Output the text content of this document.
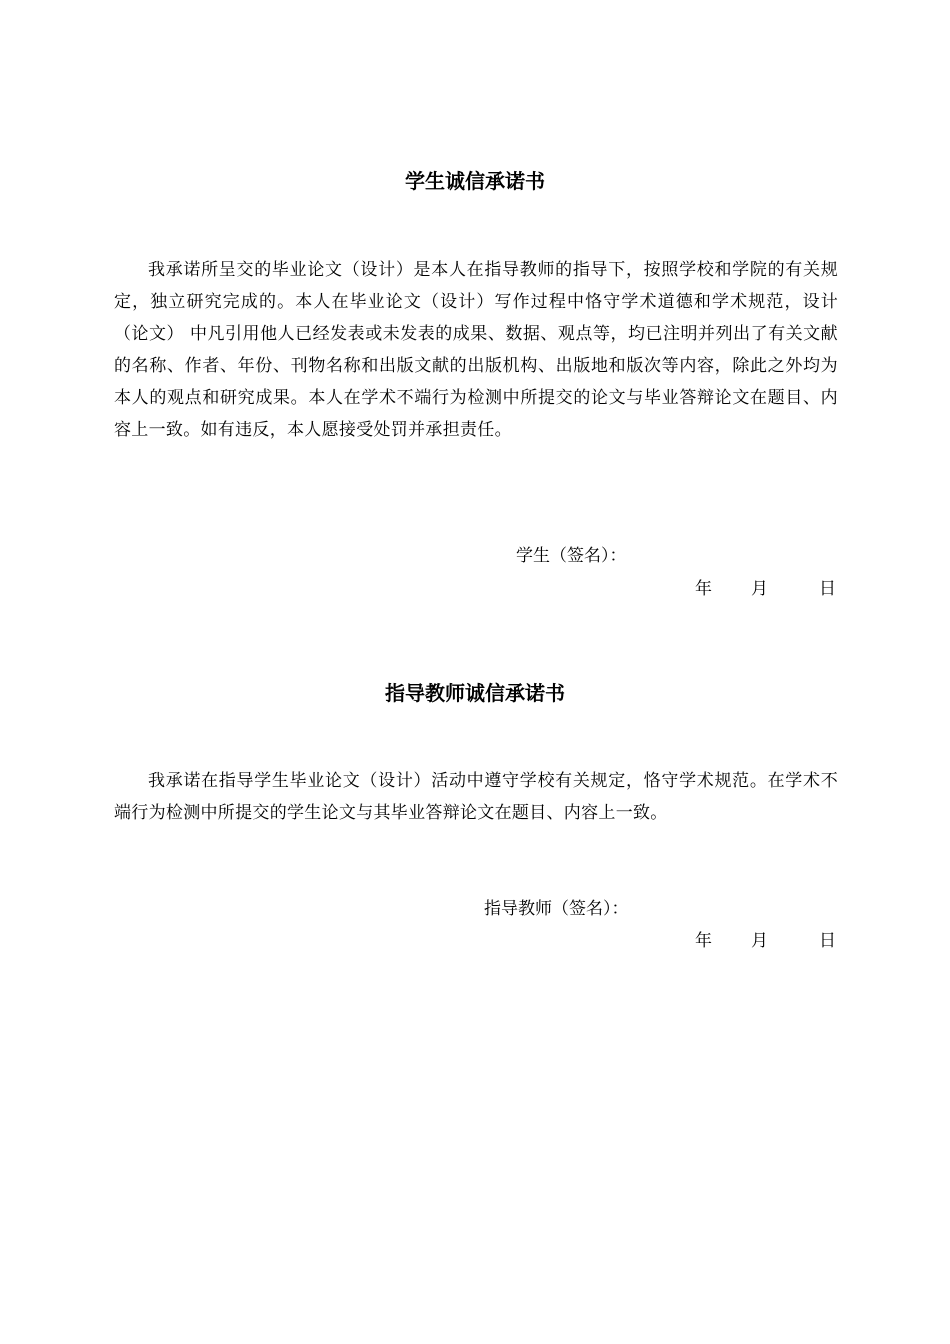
学生诚信承诺书

我承诺所呈交的毕业论文（设计）是本人在指导教师的指导下，按照学校和学院的有关规定，独立研究完成的。本人在毕业论文（设计）写作过程中恪守学术道德和学术规范，设计（论文） 中凡引用他人已经发表或未发表的成果、数据、观点等，均已注明并列出了有关文献的名称、作者、年份、刊物名称和出版文献的出版机构、出版地和版次等内容，除此之外均为本人的观点和研究成果。本人在学术不端行为检测中所提交的论文与毕业答辩论文在题目、内容上一致。如有违反，本人愿接受处罚并承担责任。

学生（签名）：
年 月	日
指导教师诚信承诺书

我承诺在指导学生毕业论文（设计）活动中遵守学校有关规定，恪守学术规范。在学术不端行为检测中所提交的学生论文与其毕业答辩论文在题目、内容上一致。

指导教师（签名）：
年 月	日
